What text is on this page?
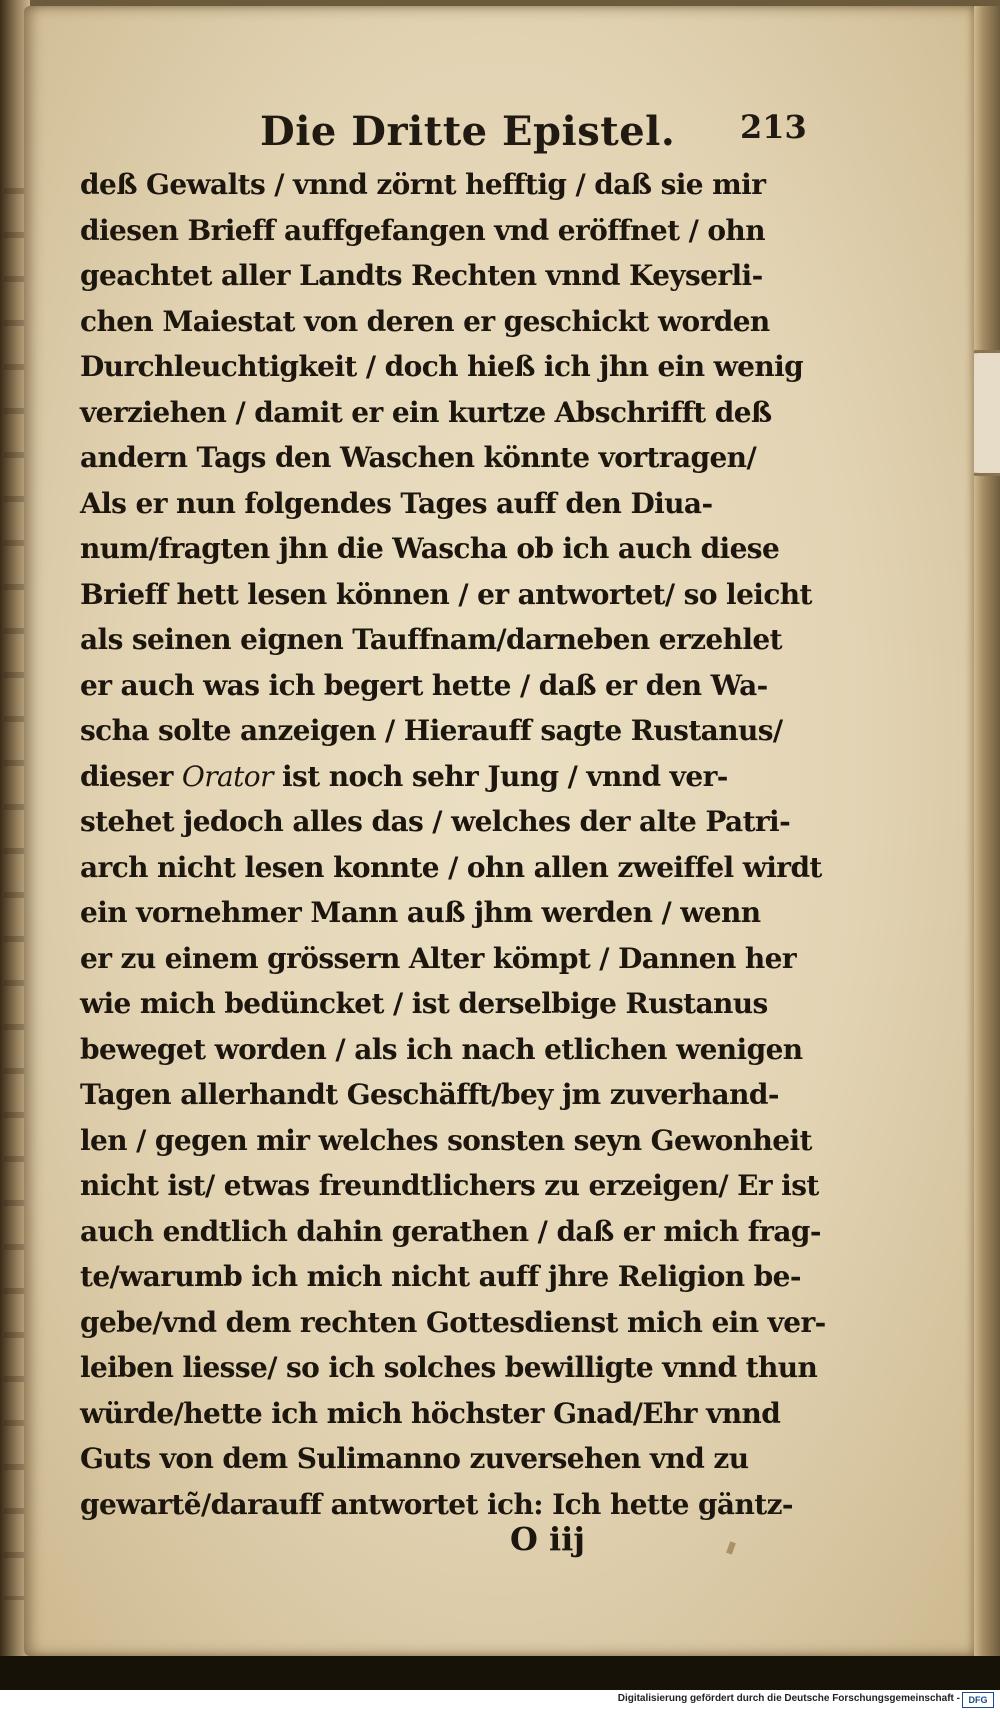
Die Dritte Epistel. 213
deß Gewalts / vnnd zörnt hefftig / daß sie mir
diesen Brieff auffgefangen vnd eröffnet / ohn
geachtet aller Landts Rechten vnnd Keyserli-
chen Maiestat von deren er geschickt worden
Durchleuchtigkeit / doch hieß ich jhn ein wenig
verziehen / damit er ein kurtze Abschrifft deß
andern Tags den Waschen könnte vortragen/
Als er nun folgendes Tages auff den Diua-
num/fragten jhn die Wascha ob ich auch diese
Brieff hett lesen können / er antwortet/ so leicht
als seinen eignen Tauffnam/darneben erzehlet
er auch was ich begert hette / daß er den Wa-
scha solte anzeigen / Hierauff sagte Rustanus/
dieser Orator ist noch sehr Jung / vnnd ver-
stehet jedoch alles das / welches der alte Patri-
arch nicht lesen konnte / ohn allen zweiffel wirdt
ein vornehmer Mann auß jhm werden / wenn
er zu einem grössern Alter kömpt / Dannen her
wie mich bedüncket / ist derselbige Rustanus
beweget worden / als ich nach etlichen wenigen
Tagen allerhandt Geschäfft/bey jm zuverhand-
len / gegen mir welches sonsten seyn Gewonheit
nicht ist/ etwas freundtlichers zu erzeigen/ Er ist
auch endtlich dahin gerathen / daß er mich frag-
te/warumb ich mich nicht auff jhre Religion be-
gebe/vnd dem rechten Gottesdienst mich ein ver-
leiben liesse/ so ich solches bewilligte vnnd thun
würde/hette ich mich höchster Gnad/Ehr vnnd
Guts von dem Sulimanno zuversehen vnd zu
gewartẽ/darauff antwortet ich: Ich hette gäntz-
O iij
Digitalisierung gefördert durch die Deutsche Forschungsgemeinschaft - DFG
